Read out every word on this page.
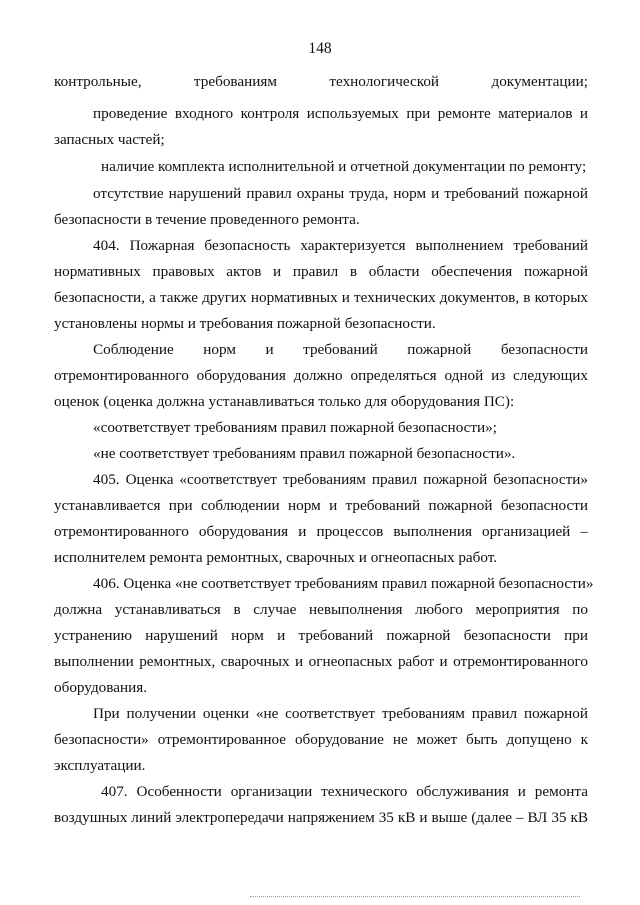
148
контрольные, требованиям технологической документации;
проведение входного контроля используемых при ремонте материалов и
запасных частей;
наличие комплекта исполнительной и отчетной документации по ремонту;
отсутствие нарушений правил охраны труда, норм и требований пожарной
безопасности в течение проведенного ремонта.
404. Пожарная безопасность характеризуется выполнением требований
нормативных правовых актов и правил в области обеспечения пожарной
безопасности, а также других нормативных и технических документов, в которых
установлены нормы и требования пожарной безопасности.
Соблюдение норм и требований пожарной безопасности
отремонтированного оборудования должно определяться одной из следующих
оценок (оценка должна устанавливаться только для оборудования ПС):
«соответствует требованиям правил пожарной безопасности»;
«не соответствует требованиям правил пожарной безопасности».
405. Оценка «соответствует требованиям правил пожарной безопасности»
устанавливается при соблюдении норм и требований пожарной безопасности
отремонтированного оборудования и процессов выполнения организацией –
исполнителем ремонта ремонтных, сварочных и огнеопасных работ.
406. Оценка «не соответствует требованиям правил пожарной безопасности»
должна устанавливаться в случае невыполнения любого мероприятия по
устранению нарушений норм и требований пожарной безопасности при
выполнении ремонтных, сварочных и огнеопасных работ и отремонтированного
оборудования.
При получении оценки «не соответствует требованиям правил пожарной
безопасности» отремонтированное оборудование не может быть допущено к
эксплуатации.
407. Особенности организации технического обслуживания и ремонта
воздушных линий электропередачи напряжением 35 кВ и выше (далее – ВЛ 35 кВ
